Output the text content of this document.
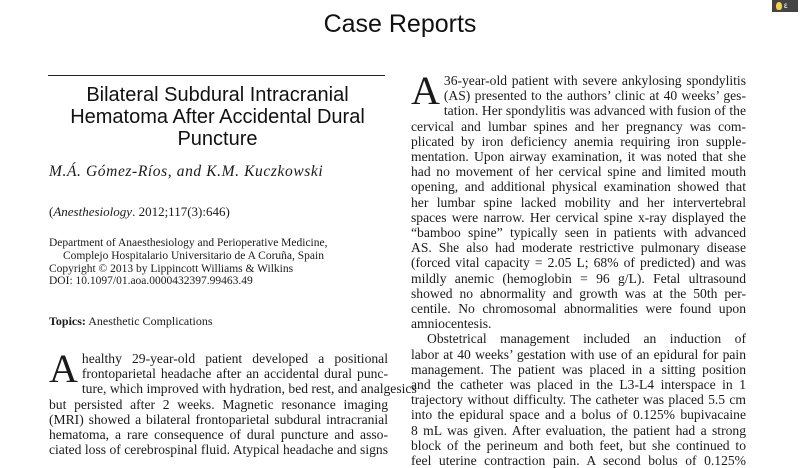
Case Reports
ε
Bilateral Subdural Intracranial
Hematoma After Accidental Dural
Puncture
M.Á. Gómez-Ríos, and K.M. Kuczkowski
(Anesthesiology. 2012;117(3):646)
Department of Anaesthesiology and Perioperative Medicine,
Complejo Hospitalario Universitario de A Coruña, Spain
Copyright © 2013 by Lippincott Williams & Wilkins
DOI: 10.1097/01.aoa.0000432397.99463.49
Topics: Anesthetic Complications
A healthy 29-year-old patient developed a positional
frontoparietal headache after an accidental dural punc-
ture, which improved with hydration, bed rest, and analgesics
but persisted after 2 weeks. Magnetic resonance imaging
(MRI) showed a bilateral frontoparietal subdural intracranial
hematoma, a rare consequence of dural puncture and asso-
ciated loss of cerebrospinal fluid. Atypical headache and signs
A 36-year-old patient with severe ankylosing spondylitis
(AS) presented to the authors’ clinic at 40 weeks’ ges-
tation. Her spondylitis was advanced with fusion of the
cervical and lumbar spines and her pregnancy was com-
plicated by iron deficiency anemia requiring iron supple-
mentation. Upon airway examination, it was noted that she
had no movement of her cervical spine and limited mouth
opening, and additional physical examination showed that
her lumbar spine lacked mobility and her intervertebral
spaces were narrow. Her cervical spine x-ray displayed the
“bamboo spine” typically seen in patients with advanced
AS. She also had moderate restrictive pulmonary disease
(forced vital capacity = 2.05 L; 68% of predicted) and was
mildly anemic (hemoglobin = 96 g/L). Fetal ultrasound
showed no abnormality and growth was at the 50th per-
centile. No chromosomal abnormalities were found upon
amniocentesis.
Obstetrical management included an induction of
labor at 40 weeks’ gestation with use of an epidural for pain
management. The patient was placed in a sitting position
and the catheter was placed in the L3-L4 interspace in 1
trajectory without difficulty. The catheter was placed 5.5 cm
into the epidural space and a bolus of 0.125% bupivacaine
8 mL was given. After evaluation, the patient had a strong
block of the perineum and both feet, but she continued to
feel uterine contraction pain. A second bolus of 0.125%
